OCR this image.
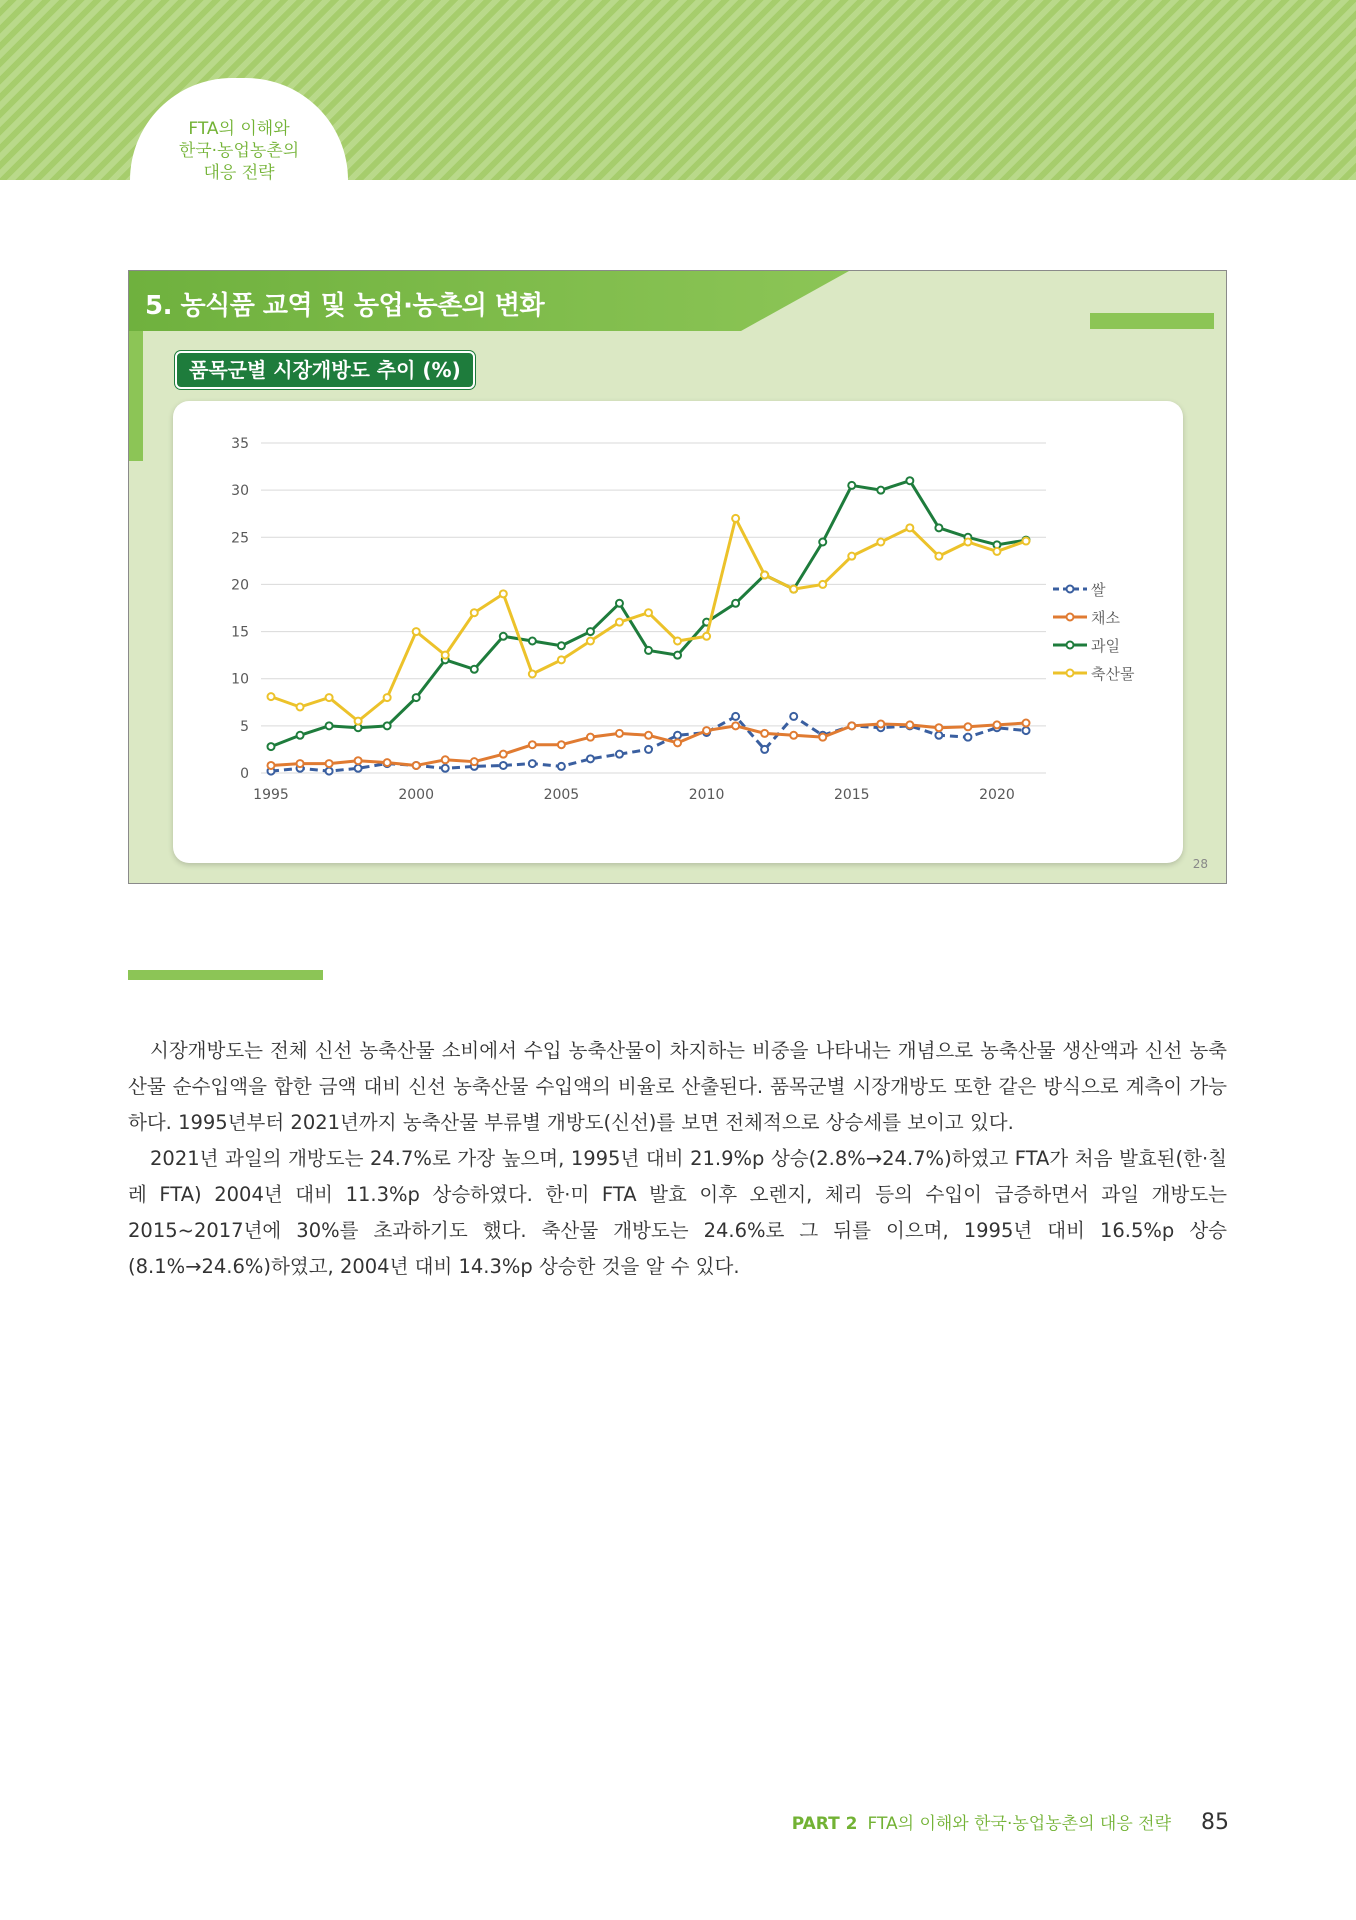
FTA의 이해와
한국·농업농촌의
대응 전략
5. 농식품 교역 및 농업·농촌의 변화
품목군별 시장개방도 추이 (%)
0
5
10
15
20
25
30
35
1995	2000	2005	2010	2015	2020
쌀
채소
과일
축산물
28

시장개방도는 전체 신선 농축산물 소비에서 수입 농축산물이 차지하는 비중을 나타내는 개념으로 농축산물 생산액과 신선 농축산물 순수입액을 합한 금액 대비 신선 농축산물 수입액의 비율로 산출된다. 품목군별 시장개방도 또한 같은 방식으로 계측이 가능하다. 1995년부터 2021년까지 농축산물 부류별 개방도(신선)를 보면 전체적으로 상승세를 보이고 있다.

2021년 과일의 개방도는 24.7%로 가장 높으며, 1995년 대비 21.9%p 상승(2.8%→24.7%)하였고 FTA가 처음 발효된(한·칠레 FTA) 2004년 대비 11.3%p 상승하였다. 한·미 FTA 발효 이후 오렌지, 체리 등의 수입이 급증하면서 과일 개방도는 2015~2017년에 30%를 초과하기도 했다. 축산물 개방도는 24.6%로 그 뒤를 이으며, 1995년 대비 16.5%p 상승(8.1%→24.6%)하였고, 2004년 대비 14.3%p 상승한 것을 알 수 있다.

PART 2 FTA의 이해와 한국·농업농촌의 대응 전략 85
